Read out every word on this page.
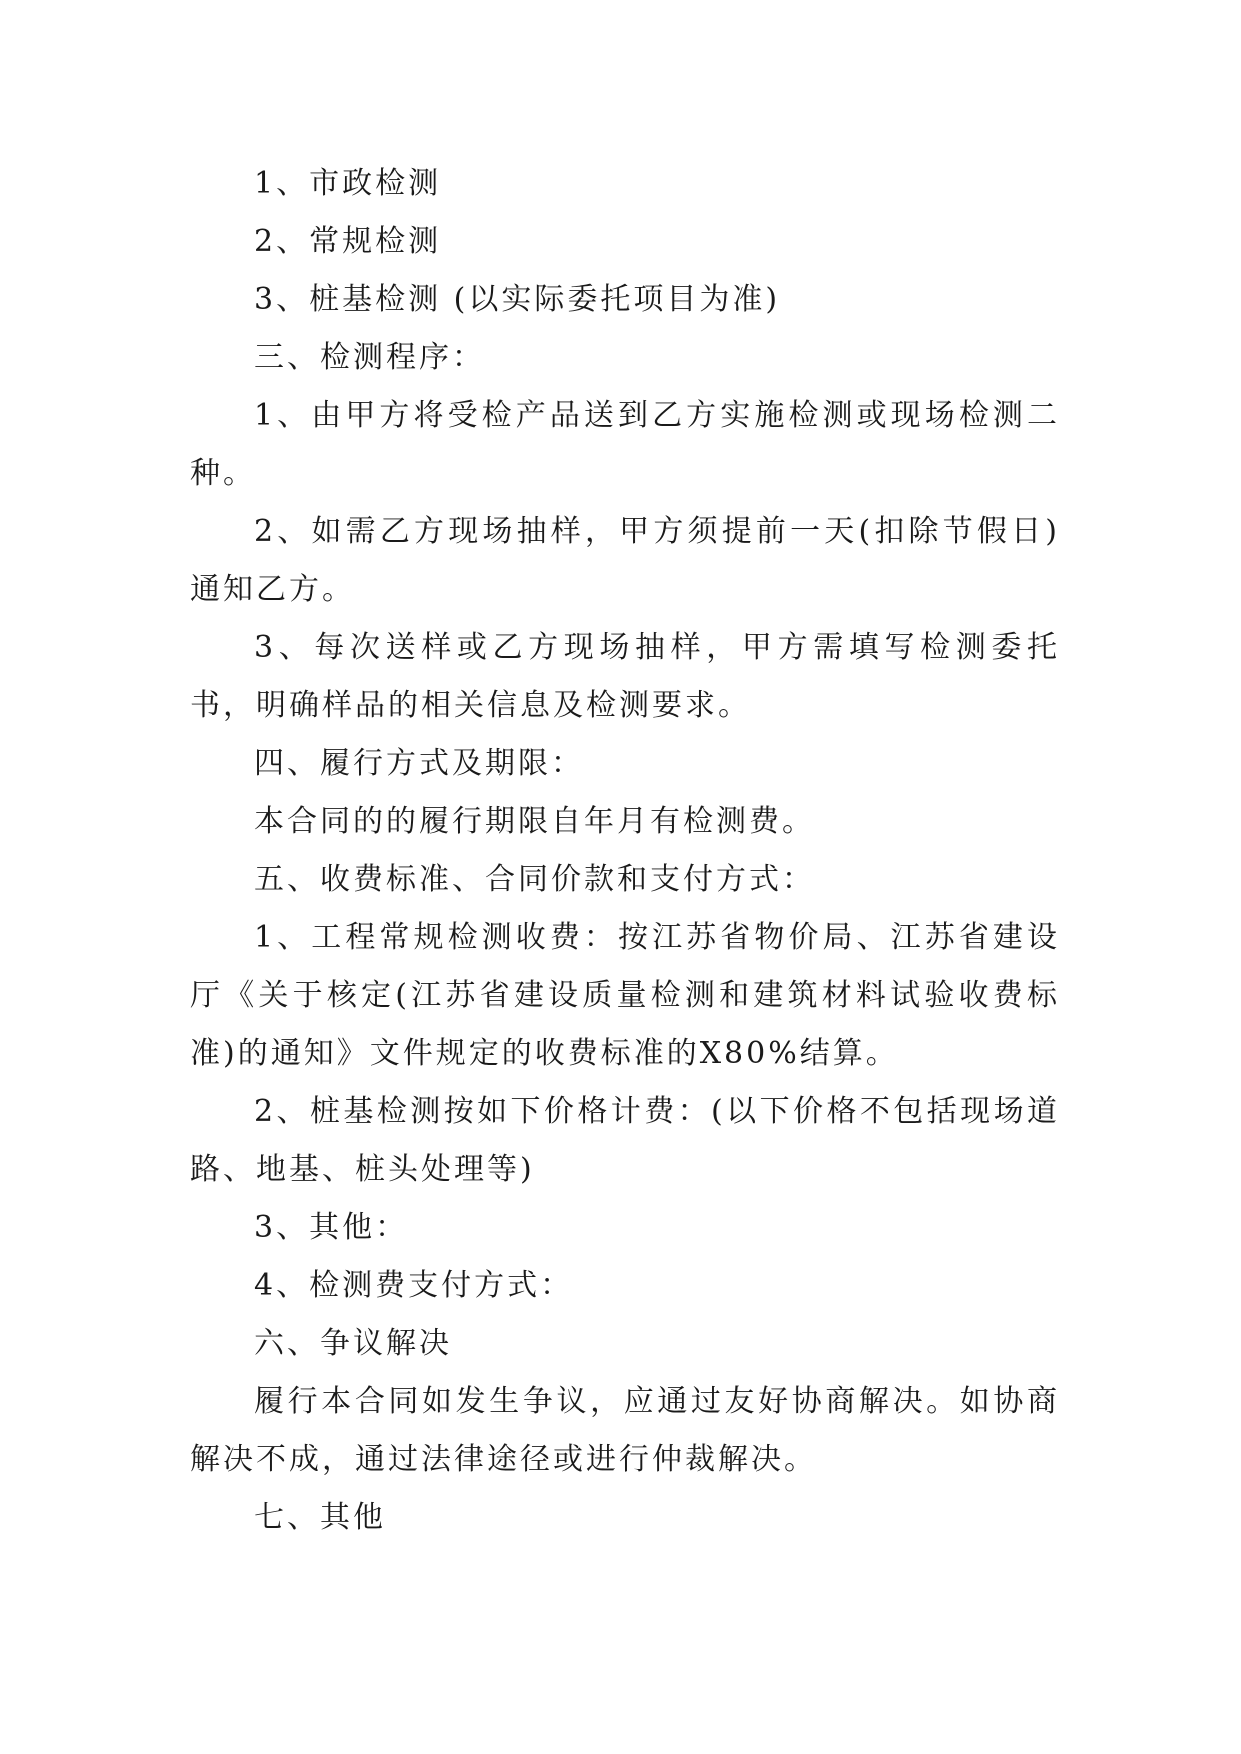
1、市政检测

2、常规检测

3、桩基检测 (以实际委托项目为准)

三、检测程序：

1、由甲方将受检产品送到乙方实施检测或现场检测二种。

2、如需乙方现场抽样，甲方须提前一天(扣除节假日)通知乙方。

3、每次送样或乙方现场抽样，甲方需填写检测委托书，明确样品的相关信息及检测要求。

四、履行方式及期限：

本合同的的履行期限自年月有检测费。

五、收费标准、合同价款和支付方式：

1、工程常规检测收费：按江苏省物价局、江苏省建设厅《关于核定(江苏省建设质量检测和建筑材料试验收费标准)的通知》文件规定的收费标准的X80%结算。

2、桩基检测按如下价格计费：(以下价格不包括现场道路、地基、桩头处理等)

3、其他：

4、检测费支付方式：

六、争议解决

履行本合同如发生争议，应通过友好协商解决。如协商解决不成，通过法律途径或进行仲裁解决。

七、其他
